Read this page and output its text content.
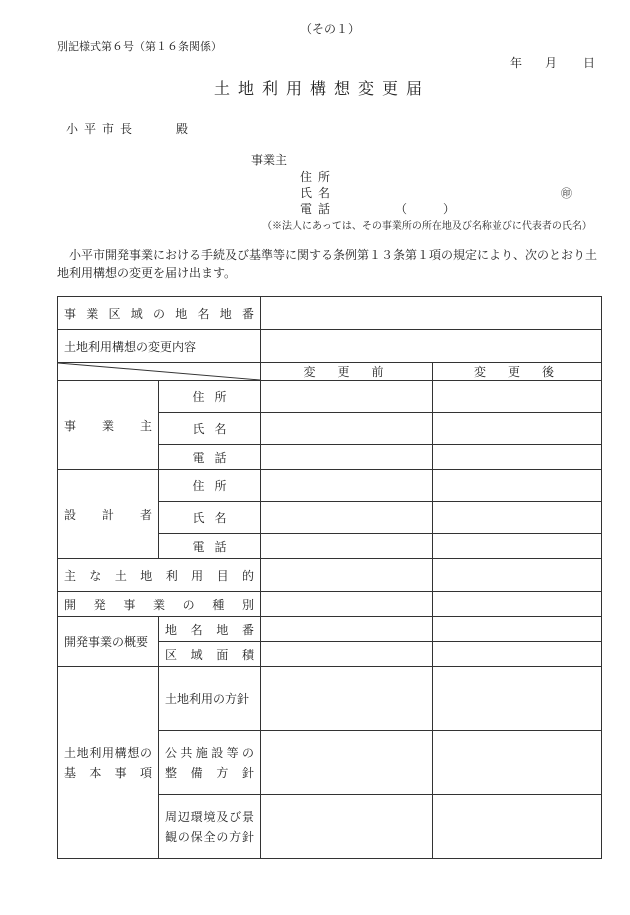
（その１）
別記様式第６号（第１６条関係）
年 月 日
土地利用構想変更届
小平市長	殿
事業主
住所
氏名	㊞
電話	（　　　）
（※法人にあっては、その事業所の所在地及び名称並びに代表者の氏名）
小平市開発事業における手続及び基準等に関する条例第１３条第１項の規定により、次のとおり土地利用構想の変更を届け出ます。
事業区域の地名地番			
土地利用構想の変更内容			

	変更前	変更後
事業主	住所		
	氏名		
	電話		
設計者	住所		
	氏名		
	電話		
主な土地利用目的			
開発事業の種別			
開発事業の概要	地名地番		
	区域面積		

土地利用構想の
基本事項	土地利用の方針		

	公共施設等の
整備方針		

	周辺環境及び景
観の保全の方針		
